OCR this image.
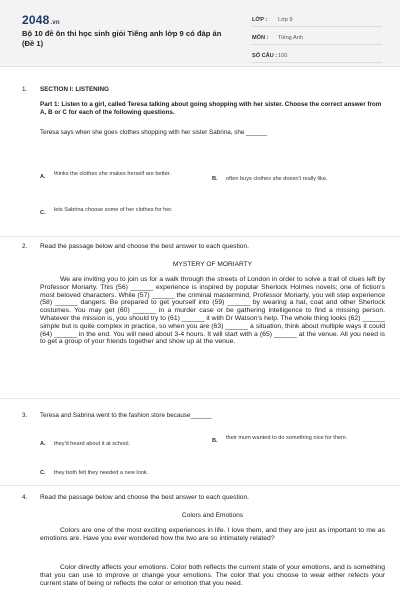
2048.vn
Bộ 10 đề ôn thi học sinh giỏi Tiếng anh lớp 9 có đáp án (Đề 1)
LỚP :	Lớp 9
MÔN :	Tiếng Anh
SỐ CÂU : 100
1. SECTION I: LISTENING
Part 1: Listen to a girl, called Teresa talking about going shopping with her sister. Choose the correct answer from A, B or C for each of the following questions.
Teresa says when she goes clothes shopping with her sister Sabrina, she ______
A. thinks the clothes she makes herself are better.
B. often buys clothes she doesn't really like.
C. lets Sabrina choose some of her clothes for her.
2. Read the passage below and choose the best answer to each question.
MYSTERY OF MORIARTY
We are inviting you to join us for a walk through the streets of London in order to solve a trail of clues left by Professor Moriarty. This (56) ______ experience is inspired by popular Sherlock Holmes novels; one of fiction's most beloved characters. While (57) ______ the criminal mastermind, Professor Moriarty, you will step experience (58) ______ dangers. Be prepared to get yourself into (59) ______ by wearing a hat, coat and other Sherlock costumes. You may get (60) ______ in a murder case or be gathering intelligence to find a missing person. Whatever the mission is, you should try to (61) ______ it with Dr Watson's help. The whole thing looks (62) ______ simple but is quite complex in practice, so when you are (63) ______ a situation, think about multiple ways it could (64) ______ in the end. You will need about 3-4 hours. It will start with a (65) ______ at the venue. All you need is to get a group of your friends together and show up at the venue.
3. Teresa and Sabrina went to the fashion store because______
A. they'd heard about it at school.	B. their mum wanted to do something nice for them.
C. they both felt they needed a new look.
4. Read the passage below and choose the best answer to each question.
Colors and Emotions
Colors are one of the most exciting experiences in life. I love them, and they are just as important to me as emotions are. Have you ever wondered how the two are so intimately related?
Color directly affects your emotions. Color both reflects the current state of your emotions, and is something that you can use to improve or change your emotions. The color that you choose to wear either refects your current state of being or reflects the color or emotion that you need.
